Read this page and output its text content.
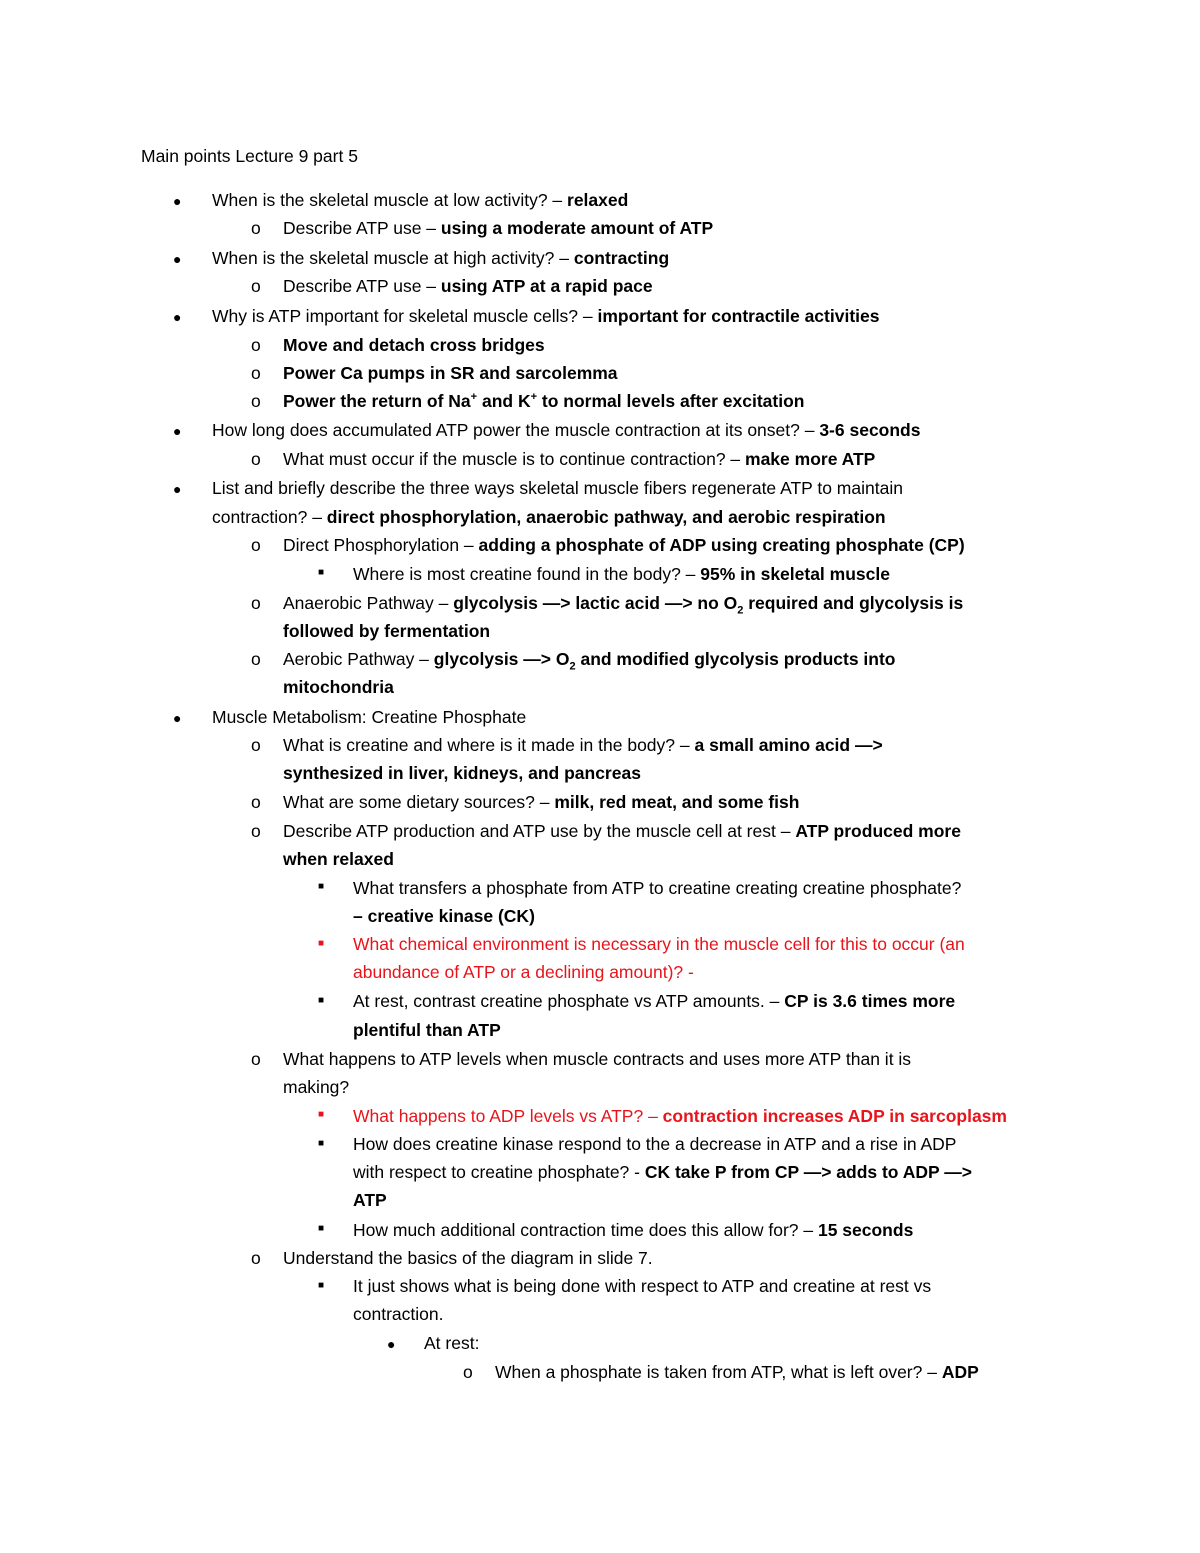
Main points Lecture 9 part 5
● When is the skeletal muscle at low activity? – relaxed
o Describe ATP use – using a moderate amount of ATP
● When is the skeletal muscle at high activity? – contracting
o Describe ATP use – using ATP at a rapid pace
● Why is ATP important for skeletal muscle cells? – important for contractile activities
o Move and detach cross bridges
o Power Ca pumps in SR and sarcolemma
o Power the return of Na+ and K+ to normal levels after excitation
● How long does accumulated ATP power the muscle contraction at its onset? – 3-6 seconds
o What must occur if the muscle is to continue contraction? – make more ATP
● List and briefly describe the three ways skeletal muscle fibers regenerate ATP to maintain
contraction? – direct phosphorylation, anaerobic pathway, and aerobic respiration
o Direct Phosphorylation – adding a phosphate of ADP using creating phosphate (CP)
■ Where is most creatine found in the body? – 95% in skeletal muscle
o Anaerobic Pathway – glycolysis —> lactic acid —> no $O_2$ required and glycolysis is
followed by fermentation
o Aerobic Pathway – glycolysis —> $O_2$ and modified glycolysis products into
mitochondria
● Muscle Metabolism: Creatine Phosphate
o What is creatine and where is it made in the body? – a small amino acid —>
synthesized in liver, kidneys, and pancreas
o What are some dietary sources? – milk, red meat, and some fish
o Describe ATP production and ATP use by the muscle cell at rest – ATP produced more
when relaxed
■ What transfers a phosphate from ATP to creatine creating creatine phosphate?
– creative kinase (CK)
■ What chemical environment is necessary in the muscle cell for this to occur (an
abundance of ATP or a declining amount)? -
■ At rest, contrast creatine phosphate vs ATP amounts. – CP is 3.6 times more
plentiful than ATP
o What happens to ATP levels when muscle contracts and uses more ATP than it is
making?
■ What happens to ADP levels vs ATP? – contraction increases ADP in sarcoplasm
■ How does creatine kinase respond to the a decrease in ATP and a rise in ADP
with respect to creatine phosphate? - CK take P from CP —> adds to ADP —>
ATP
■ How much additional contraction time does this allow for? – 15 seconds
o Understand the basics of the diagram in slide 7.
■ It just shows what is being done with respect to ATP and creatine at rest vs
contraction.
● At rest:
o When a phosphate is taken from ATP, what is left over? – ADP
